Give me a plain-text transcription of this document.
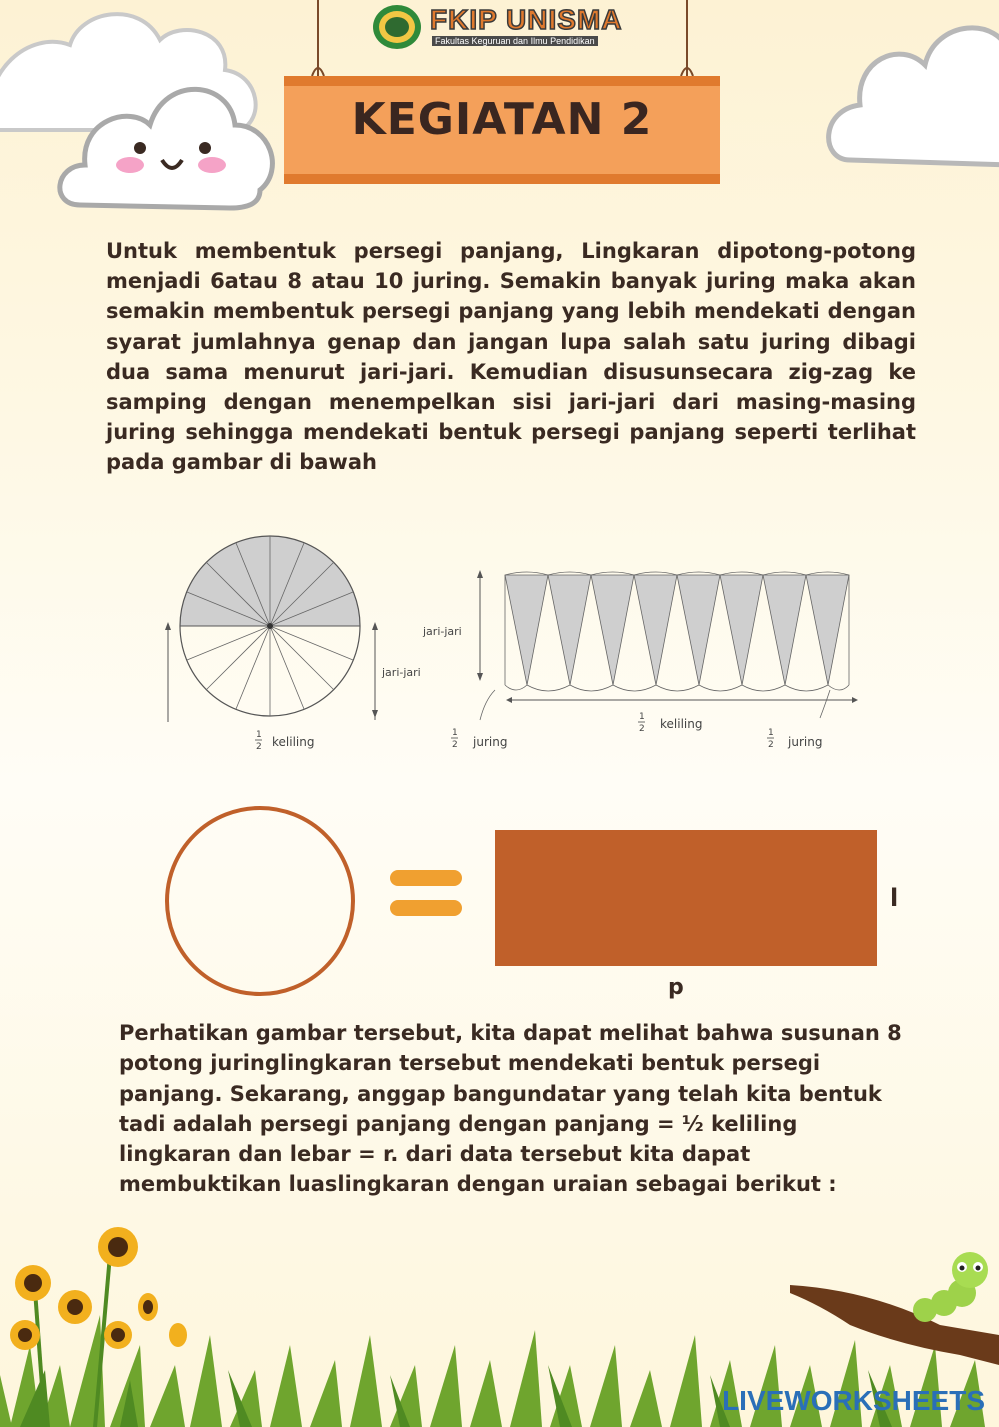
FKIP UNISMA
Fakultas Keguruan dan Ilmu Pendidikan
KEGIATAN 2

Untuk membentuk persegi panjang, Lingkaran dipotong-potong menjadi 6atau 8 atau 10 juring. Semakin banyak juring maka akan semakin membentuk persegi panjang yang lebih mendekati dengan syarat jumlahnya genap dan jangan lupa salah satu juring dibagi dua sama menurut jari-jari. Kemudian disusunsecara zig-zag ke samping dengan menempelkan sisi jari-jari dari masing-masing juring sehingga mendekati bentuk persegi panjang seperti terlihat pada gambar di bawah

jari-jari
1
2 keliling
jari-jari
1
2 juring
1
2 keliling
1
2 juring
l
p

Perhatikan gambar tersebut, kita dapat melihat bahwa susunan 8 potong juringlingkaran tersebut mendekati bentuk persegi panjang. Sekarang, anggap bangundatar yang telah kita bentuk tadi adalah persegi panjang dengan panjang = ½ keliling lingkaran dan lebar = r. dari data tersebut kita dapat membuktikan luaslingkaran dengan uraian sebagai berikut :

LIVEWORKSHEETS
